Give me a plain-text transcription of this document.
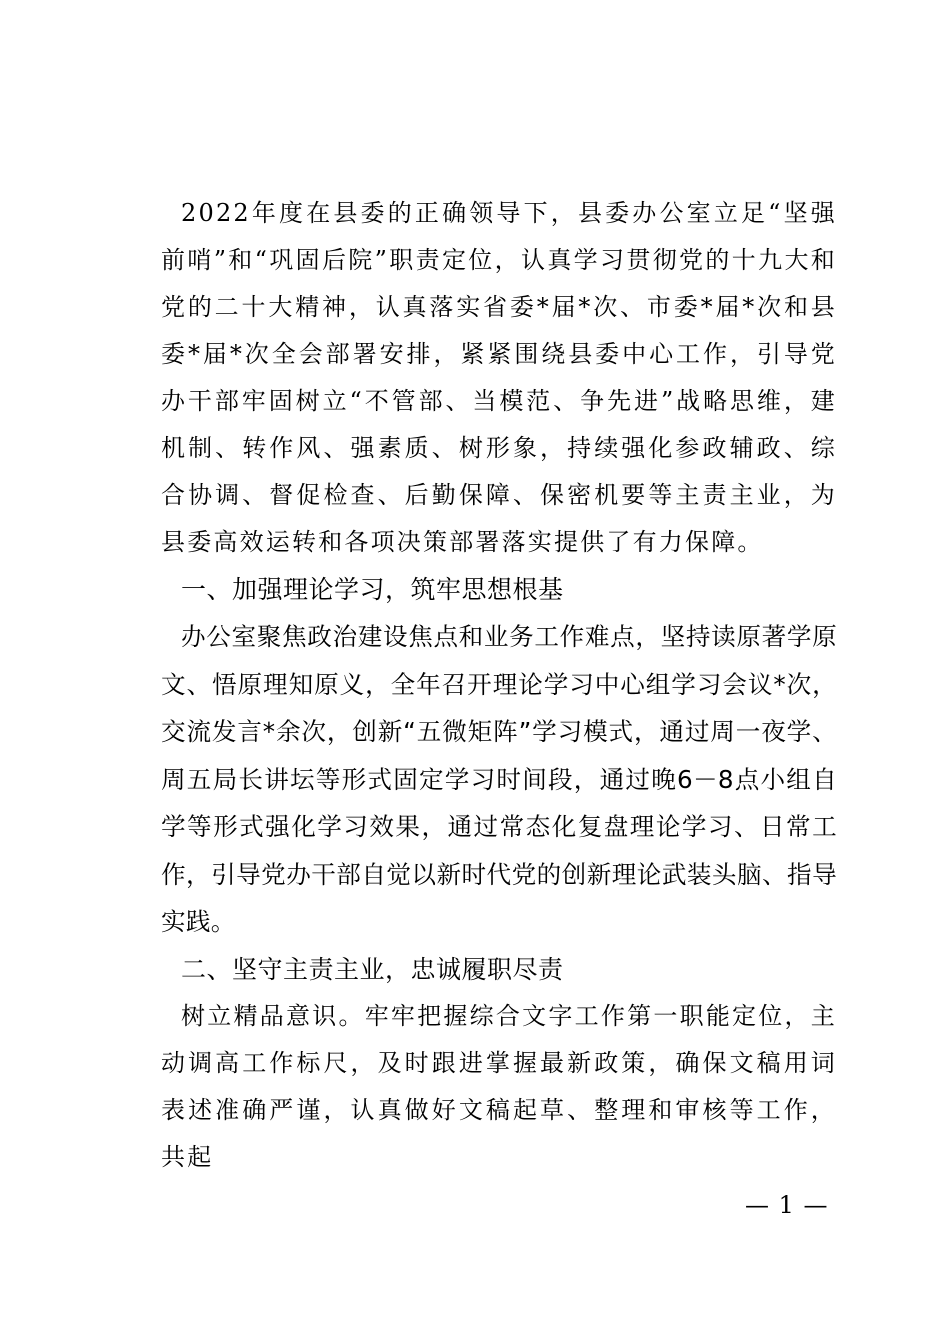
2022年度在县委的正确领导下，县委办公室立足“坚强前哨”和“巩固后院”职责定位，认真学习贯彻党的十九大和党的二十大精神，认真落实省委*届*次、市委*届*次和县委*届*次全会部署安排，紧紧围绕县委中心工作，引导党办干部牢固树立“不管部、当模范、争先进”战略思维，建机制、转作风、强素质、树形象，持续强化参政辅政、综合协调、督促检查、后勤保障、保密机要等主责主业，为县委高效运转和各项决策部署落实提供了有力保障。

一、加强理论学习，筑牢思想根基

办公室聚焦政治建设焦点和业务工作难点，坚持读原著学原文、悟原理知原义，全年召开理论学习中心组学习会议*次，交流发言*余次，创新“五微矩阵”学习模式，通过周一夜学、周五局长讲坛等形式固定学习时间段，通过晚6－8点小组自学等形式强化学习效果，通过常态化复盘理论学习、日常工作，引导党办干部自觉以新时代党的创新理论武装头脑、指导实践。

二、坚守主责主业，忠诚履职尽责

树立精品意识。牢牢把握综合文字工作第一职能定位，主动调高工作标尺，及时跟进掌握最新政策，确保文稿用词表述准确严谨，认真做好文稿起草、整理和审核等工作，共起

— 1 —
